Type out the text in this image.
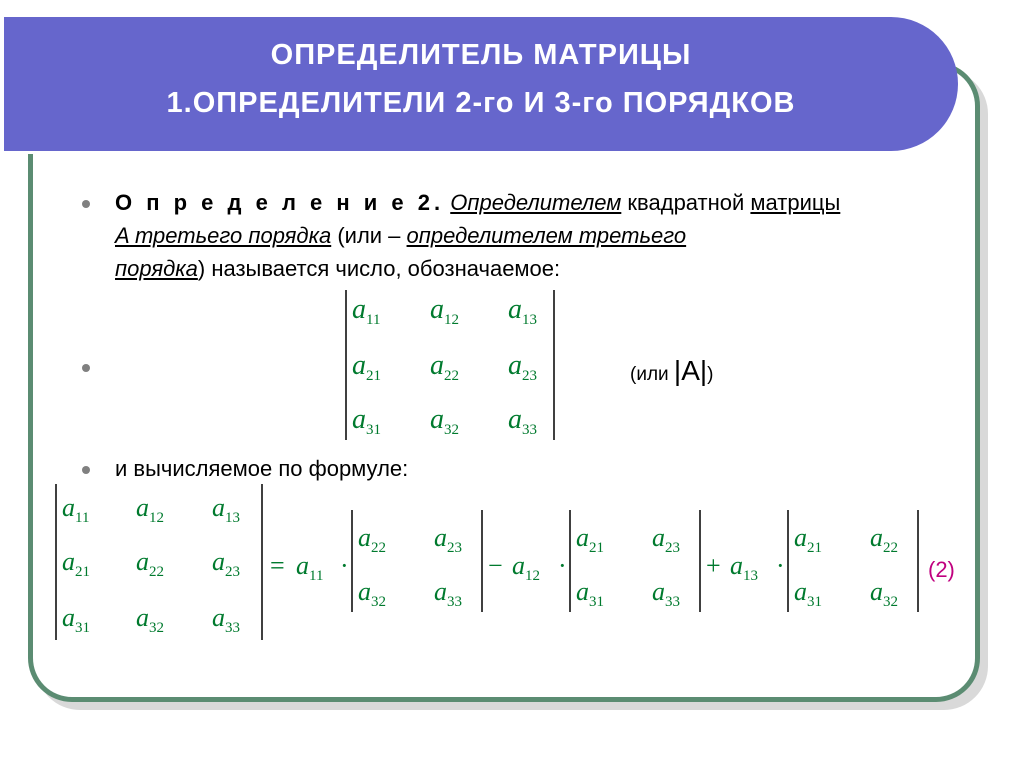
ОПРЕДЕЛИТЕЛЬ МАТРИЦЫ
1.ОПРЕДЕЛИТЕЛИ 2-го И 3-го ПОРЯДКОВ
О п р е д е л е н и е 2. Определителем квадратной матрицы
A третьего порядка (или – определителем третьего
порядка) называется число, обозначаемое:
$a_{11}$ $a_{12}$ $a_{13}$
$a_{21}$ $a_{22}$ $a_{23}$
$a_{31}$ $a_{32}$ $a_{33}$
(или |A|)
и вычисляемое по формуле:
$a_{11}$ $a_{12}$ $a_{13}$
$a_{21}$ $a_{22}$ $a_{23}$
$a_{31}$ $a_{32}$ $a_{33}$
= $a_{11}$ ·
$a_{22}$ $a_{23}$
$a_{32}$ $a_{33}$
− $a_{12}$ ·
$a_{21}$ $a_{23}$
$a_{31}$ $a_{33}$
+ $a_{13}$ ·
$a_{21}$ $a_{22}$
$a_{31}$ $a_{32}$
(2)
